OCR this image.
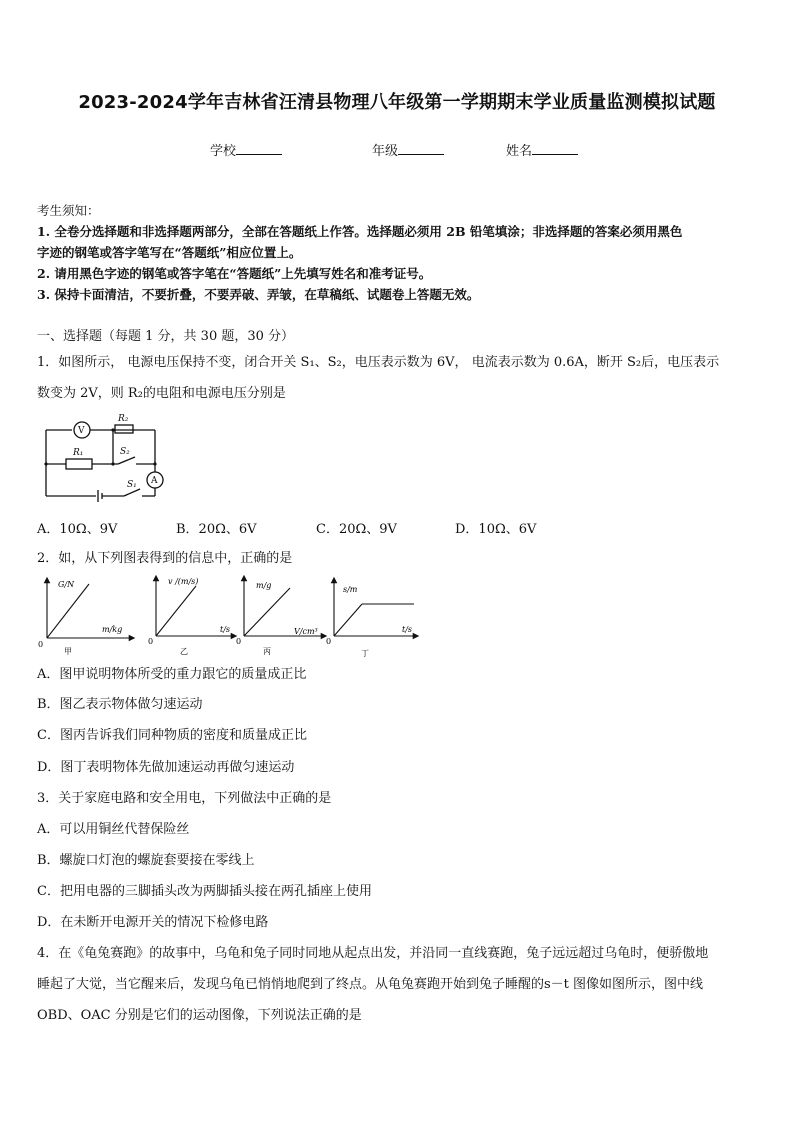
2023-2024学年吉林省汪清县物理八年级第一学期期末学业质量监测模拟试题
学校	年级	姓名
考生须知：
1. 全卷分选择题和非选择题两部分，全部在答题纸上作答。选择题必须用 2B 铅笔填涂；非选择题的答案必须用黑色
字迹的钢笔或答字笔写在“答题纸”相应位置上。
2. 请用黑色字迹的钢笔或答字笔在“答题纸”上先填写姓名和准考证号。
3. 保持卡面清洁，不要折叠，不要弄破、弄皱，在草稿纸、试题卷上答题无效。
一、选择题（每题 1 分，共 30 题，30 分）
1．如图所示， 电源电压保持不变，闭合开关 S₁、S₂，电压表示数为 6V， 电流表示数为 0.6A，断开 S₂后，电压表示
数变为 2V，则 R₂的电阻和电源电压分别是
V
R₂
R₁	S₂
S₁ A
A．10Ω、9V	B．20Ω、6V	C．20Ω、9V	D．10Ω、6V
2．如，从下列图表得到的信息中，正确的是
G/N
m/kg
0
甲
v /(m/s)
t/s
0
乙
m/g
V/cm³
0
丙
s/m
t/s
0
丁
A．图甲说明物体所受的重力跟它的质量成正比
B．图乙表示物体做匀速运动
C．图丙告诉我们同种物质的密度和质量成正比
D．图丁表明物体先做加速运动再做匀速运动
3．关于家庭电路和安全用电，下列做法中正确的是
A．可以用铜丝代替保险丝
B．螺旋口灯泡的螺旋套要接在零线上
C．把用电器的三脚插头改为两脚插头接在两孔插座上使用
D．在未断开电源开关的情况下检修电路
4．在《龟兔赛跑》的故事中，乌龟和兔子同时同地从起点出发，并沿同一直线赛跑，兔子远远超过乌龟时，便骄傲地
睡起了大觉，当它醒来后，发现乌龟已悄悄地爬到了终点。从龟兔赛跑开始到兔子睡醒的s－t 图像如图所示，图中线
OBD、OAC 分别是它们的运动图像，下列说法正确的是
